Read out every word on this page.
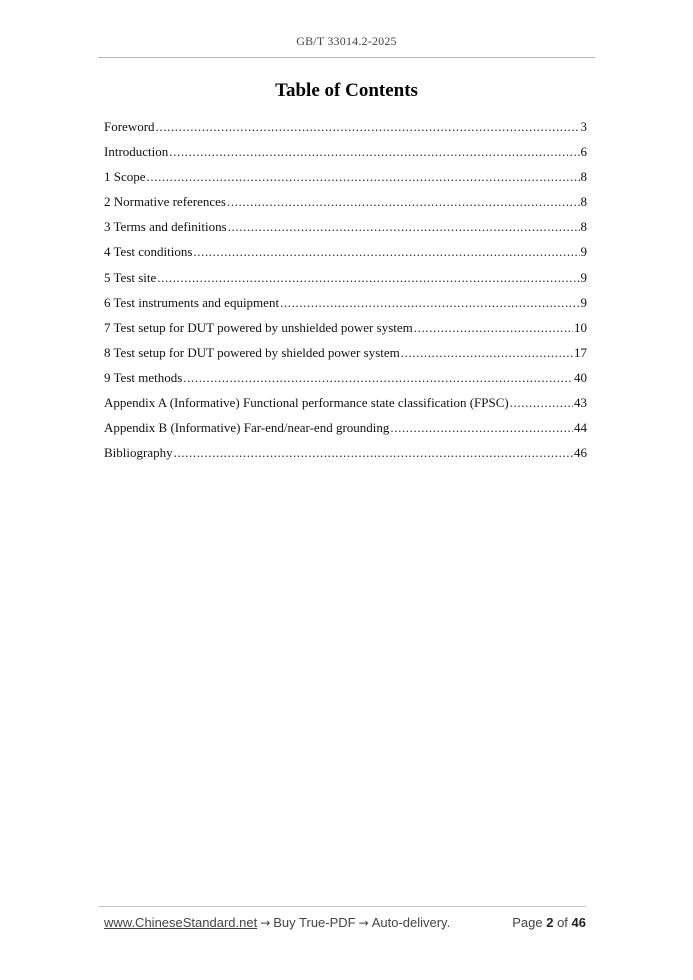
GB/T 33014.2-2025
Table of Contents
Foreword .....	3
Introduction .....	6
1 Scope .....	8
2 Normative references .....	8
3 Terms and definitions .....	8
4 Test conditions .....	9
5 Test site .....	9
6 Test instruments and equipment .....	9
7 Test setup for DUT powered by unshielded power system .....	10
8 Test setup for DUT powered by shielded power system .....	17
9 Test methods .....	40
Appendix A (Informative) Functional performance state classification (FPSC) .....	43
Appendix B (Informative) Far-end/near-end grounding .....	44
Bibliography .....	46
www.ChineseStandard.net → Buy True-PDF → Auto-delivery.	Page 2 of 46
